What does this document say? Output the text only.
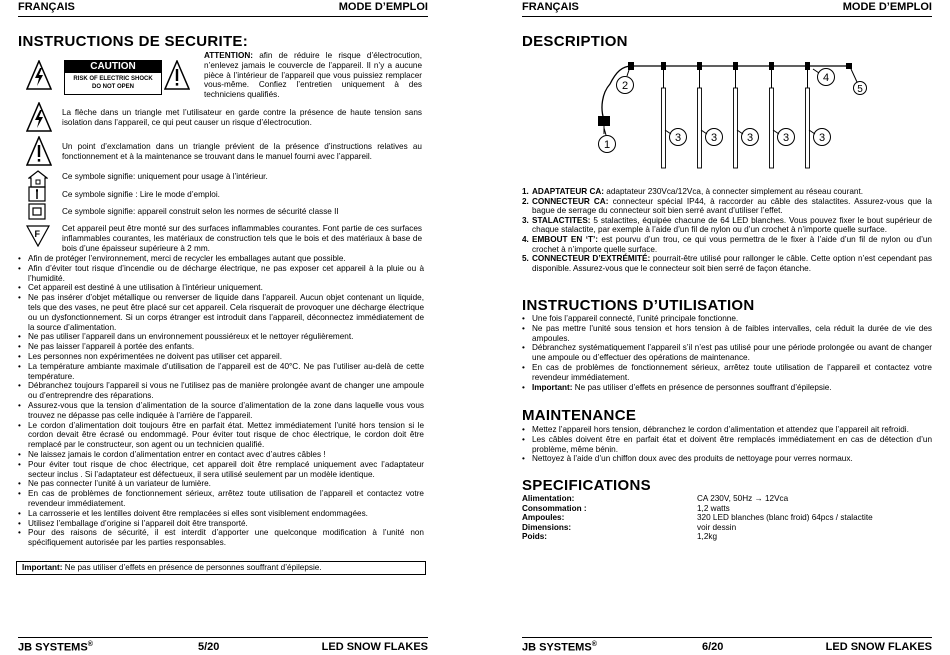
FRANÇAIS	MODE D’EMPLOI
INSTRUCTIONS DE SECURITE:
CAUTION
RISK OF ELECTRIC SHOCK
DO NOT OPEN
ATTENTION: afin de réduire le risque d’électrocution, n’enlevez jamais le couvercle de l’appareil. Il n’y a aucune pièce à l’intérieur de l’appareil que vous puissiez remplacer vous-même. Confiez l’entretien uniquement à des techniciens qualifiés.
La flèche dans un triangle met l’utilisateur en garde contre la présence de haute tension sans isolation dans l’appareil, ce qui peut causer un risque d’électrocution.
Un point d’exclamation dans un triangle prévient de la présence d’instructions relatives au fonctionnement et à la maintenance se trouvant dans le manuel fourni avec l’appareil.
Ce symbole signifie: uniquement pour usage à l’intérieur.
Ce symbole signifie : Lire le mode d’emploi.
Ce symbole signifie: appareil construit selon les normes de sécurité classe II
F
Cet appareil peut être monté sur des surfaces inflammables courantes. Font partie de ces surfaces inflammables courantes, les matériaux de construction tels que le bois et des matériaux à base de bois d’une épaisseur supérieure à 2 mm.
• Afin de protéger l’environnement, merci de recycler les emballages autant que possible.
• Afin d’éviter tout risque d’incendie ou de décharge électrique, ne pas exposer cet appareil à la pluie ou à l’humidité.
• Cet appareil est destiné à une utilisation à l’intérieur uniquement.
• Ne pas insérer d’objet métallique ou renverser de liquide dans l’appareil. Aucun objet contenant un liquide, tels que des vases, ne peut être placé sur cet appareil. Cela risquerait de provoquer une décharge électrique ou un dysfonctionnement. Si un corps étranger est introduit dans l’appareil, déconnectez immédiatement de la source d’alimentation.
• Ne pas utiliser l’appareil dans un environnement poussiéreux et le nettoyer régulièrement.
• Ne pas laisser l’appareil à portée des enfants.
• Les personnes non expérimentées ne doivent pas utiliser cet appareil.
• La température ambiante maximale d’utilisation de l’appareil est de 40°C. Ne pas l’utiliser au-delà de cette température.
• Débranchez toujours l’appareil si vous ne l’utilisez pas de manière prolongée avant de changer une ampoule ou d’entreprendre des réparations.
• Assurez-vous que la tension d’alimentation de la source d’alimentation de la zone dans laquelle vous vous trouvez ne dépasse pas celle indiquée à l’arrière de l’appareil.
• Le cordon d’alimentation doit toujours être en parfait état. Mettez immédiatement l’unité hors tension si le cordon devait être écrasé ou endommagé. Pour éviter tout risque de choc électrique, le cordon doit être remplacé par le constructeur, son agent ou un technicien qualifié.
• Ne laissez jamais le cordon d’alimentation entrer en contact avec d’autres câbles !
• Pour éviter tout risque de choc électrique, cet appareil doit être remplacé uniquement avec l’adaptateur secteur inclus . Si l’adaptateur est défectueux, il sera utilisé seulement par un modèle identique.
• Ne pas connecter l’unité à un variateur de lumière.
• En cas de problèmes de fonctionnement sérieux, arrêtez toute utilisation de l’appareil et contactez votre revendeur immédiatement.
• La carrosserie et les lentilles doivent être remplacées si elles sont visiblement endommagées.
• Utilisez l’emballage d’origine si l’appareil doit être transporté.
• Pour des raisons de sécurité, il est interdit d’apporter une quelconque modification à l’unité non spécifiquement autorisée par les parties responsables.
Important: Ne pas utiliser d’effets en présence de personnes souffrant d’épilepsie.
JB SYSTEMS®	5/20	LED SNOW FLAKES
FRANÇAIS	MODE D’EMPLOI
DESCRIPTION
1
2
3	3	3	3	3
4
5
1. ADAPTATEUR CA: adaptateur 230Vca/12Vca, à connecter simplement au réseau courant.
2. CONNECTEUR CA: connecteur spécial IP44, à raccorder au câble des stalactites. Assurez-vous que la bague de serrage du connecteur soit bien serré avant d’utiliser l’effet.
3. STALACTITES: 5 stalactites, équipée chacune de 64 LED blanches. Vous pouvez fixer le bout supérieur de chaque stalactite, par exemple à l’aide d’un fil de nylon ou d’un crochet à n’importe quelle surface.
4. EMBOUT EN ‘T’: est pourvu d’un trou, ce qui vous permettra de le fixer à l’aide d’un fil de nylon ou d’un crochet à n’importe quelle surface.
5. CONNECTEUR D’EXTRÉMITÉ: pourrait-être utilisé pour rallonger le câble. Cette option n’est cependant pas disponible. Assurez-vous que le connecteur soit bien serré de façon étanche.
INSTRUCTIONS D’UTILISATION
• Une fois l’appareil connecté, l’unité principale fonctionne.
• Ne pas mettre l’unité sous tension et hors tension à de faibles intervalles, cela réduit la durée de vie des ampoules.
• Débranchez systématiquement l’appareil s’il n’est pas utilisé pour une période prolongée ou avant de changer une ampoule ou d’effectuer des opérations de maintenance.
• En cas de problèmes de fonctionnement sérieux, arrêtez toute utilisation de l’appareil et contactez votre revendeur immédiatement.
• Important: Ne pas utiliser d’effets en présence de personnes souffrant d’épilepsie.
MAINTENANCE
• Mettez l’appareil hors tension, débranchez le cordon d’alimentation et attendez que l’appareil ait refroidi.
• Les câbles doivent être en parfait état et doivent être remplacés immédiatement en cas de détection d’un problème, même bénin.
• Nettoyez à l’aide d’un chiffon doux avec des produits de nettoyage pour verres normaux.
SPECIFICATIONS
Alimentation:	CA 230V, 50Hz → 12Vca
Consommation :	1,2 watts
Ampoules:	320 LED blanches (blanc froid) 64pcs / stalactite
Dimensions:	voir dessin
Poids:	1,2kg
JB SYSTEMS®	6/20	LED SNOW FLAKES
